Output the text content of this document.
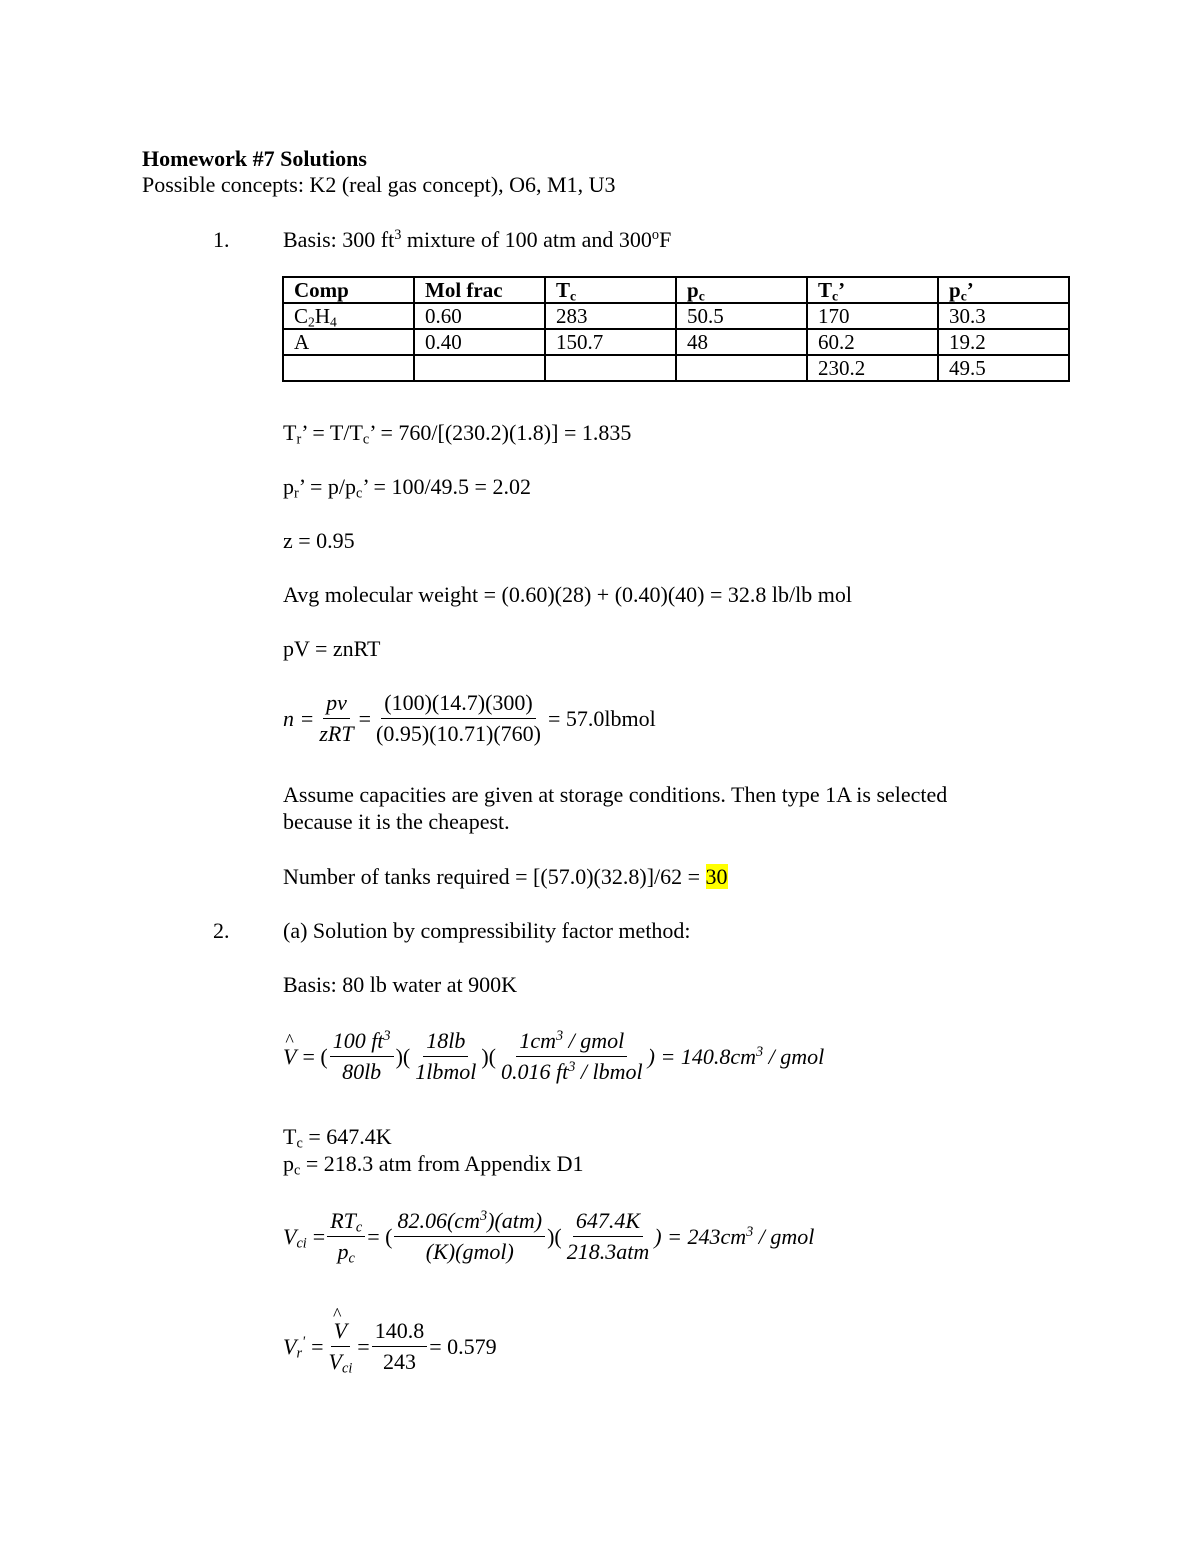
Homework #7 Solutions
Possible concepts: K2 (real gas concept), O6, M1, U3
1. Basis: 300 $ft^3$ mixture of 100 atm and 300$^o$F
Comp	Mol frac	$T_c$	$p_c$	$T_c$’	$p_c$’
$C_2H_4$	0.60	283	50.5	170	30.3
A	0.40	150.7	48	60.2	19.2
				230.2	49.5
$T_r$’ = $T/T_c$’ = 760/[(230.2)(1.8)] = 1.835
$p_r$’ = $p/p_c$’ = 100/49.5 = 2.02
z = 0.95
Avg molecular weight = (0.60)(28) + (0.40)(40) = 32.8 lb/lb mol
pV = znRT
$n = \frac{pv}{\text{zRT}} = \frac{(100)(14.7)(300)}{(0.95)(10.71)(760)}$ = 57.0lbmol
Assume capacities are given at storage conditions. Then type 1A is selected
because it is the cheapest.
Number of tanks required = [(57.0)(32.8)]/62 = 30
2. (a) Solution by compressibility factor method:
Basis: 80 lb water at 900K
^ V = ( $\frac{100 ft^3}{80lb}$ )( $\frac{18lb}{\text{1lbmol}}$ )( $\frac{1cm^3 / gmol}{0.016 ft^3 / lbmol}$ ) = $140.8cm^3$ / gmol
$T_c = 647.4K$
$p_c = 218.3$ atm from Appendix D1
$V_{ci} = \frac{RT_c}{p_c}$ = ( $\frac{82.06(cm^3)(atm)}{\text{(K)(gmol)}}$ )( $\frac{647.4K}{\text{218.3atm}}$ ) = $243cm^3$ / gmol
$V_r'$ = ^ $\frac{V}{V_{ci}} = \frac{140.8}{243} = 0.579$
